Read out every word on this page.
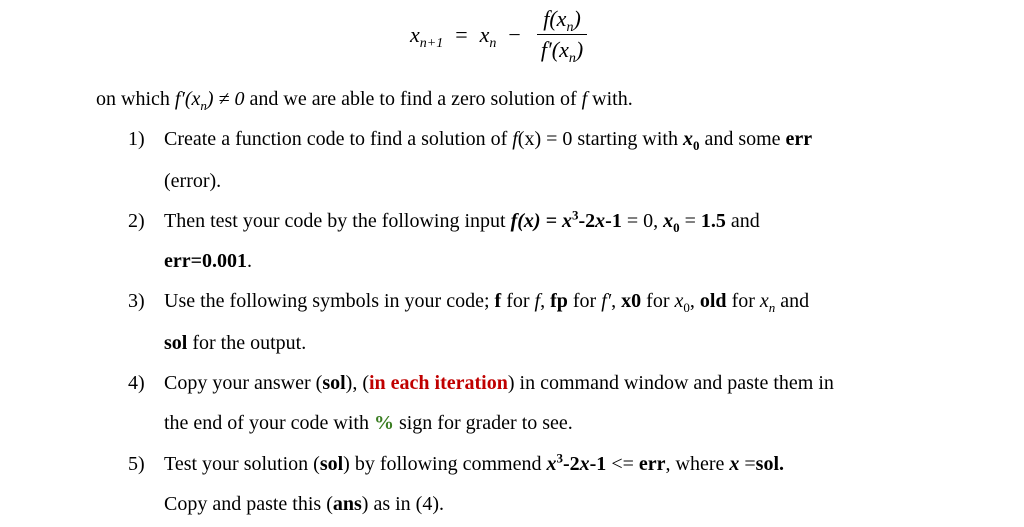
$x_{n+1} = x_n - \frac{f(x_n)}{f'(x_n)}$
on which $f'(x_n) \ne 0$ and we are able to find a zero solution of f with.
1) Create a function code to find a solution of f(x) = 0 starting with $x_0$ and some err
(error).
2) Then test your code by the following input $f(x) = x^3-2x-1 = 0$, $x_0 = 1.5$ and
err=0.001.
3) Use the following symbols in your code; f for f, fp for f′, x0 for $x_0$, old for $x_n$ and
sol for the output.
4) Copy your answer (sol), (in each iteration) in command window and paste them in
the end of your code with % sign for grader to see.
5) Test your solution (sol) by following commend $x^3-2x-1$ <= err, where x =sol.
Copy and paste this (ans) as in (4).
